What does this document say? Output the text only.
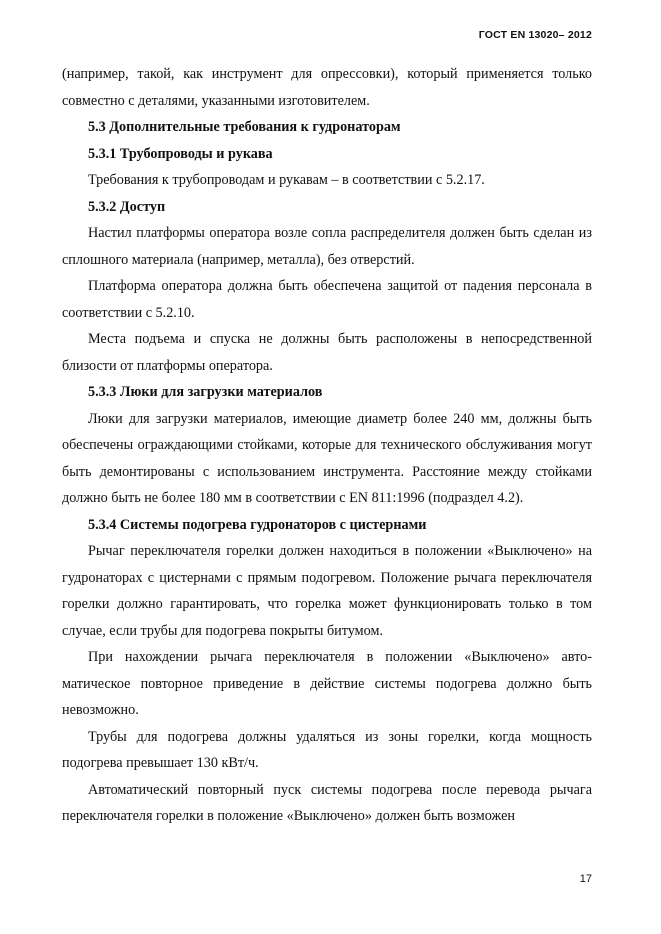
ГОСТ EN 13020– 2012

(например, такой, как инструмент для опрессовки), который применяется только совместно с деталями, указанными изготовителем.

5.3 Дополнительные требования к гудронаторам
5.3.1 Трубопроводы и рукава

Требования к трубопроводам и рукавам – в соответствии с 5.2.17.

5.3.2 Доступ

Настил платформы оператора возле сопла распределителя должен быть сделан из сплошного материала (например, металла), без отверстий.

Платформа оператора должна быть обеспечена защитой от падения персонала в соответствии с 5.2.10.

Места подъема и спуска не должны быть расположены в непосредственной близости от платформы оператора.

5.3.3 Люки для загрузки материалов

Люки для загрузки материалов, имеющие диаметр более 240 мм, должны быть обеспечены ограждающими стойками, которые для технического обслуживания могут быть демонтированы с использованием инструмента. Расстояние между стойками должно быть не более 180 мм в соответствии с EN 811:1996 (подраздел 4.2).

5.3.4 Системы подогрева гудронаторов с цистернами

Рычаг переключателя горелки должен находиться в положении «Выключено» на гудронаторах с цистернами с прямым подогревом. Положение рычага переключателя горелки должно гарантировать, что горелка может функционировать только в том случае, если трубы для подогрева покрыты битумом.

При нахождении рычага переключателя в положении «Выключено» автоматическое повторное приведение в действие системы подогрева должно быть невозможно.

Трубы для подогрева должны удаляться из зоны горелки, когда мощность подогрева превышает 130 кВт/ч.

Автоматический повторный пуск системы подогрева после перевода рычага переключателя горелки в положение «Выключено» должен быть возможен

17
